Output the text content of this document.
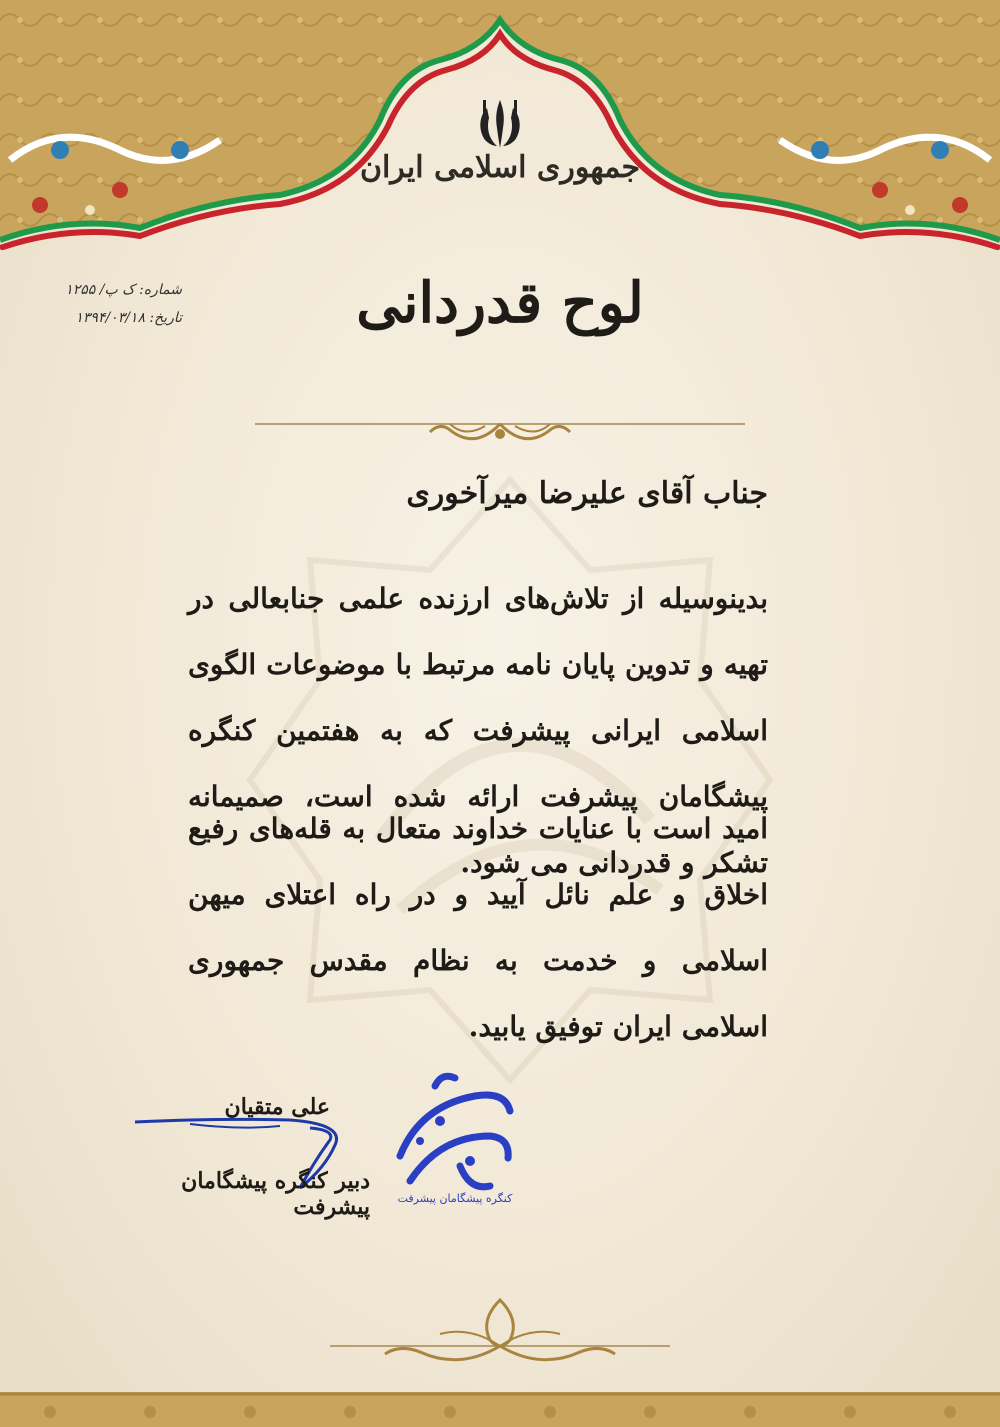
جمهوری اسلامی ایران
شماره: ک پ/ ۱۲۵۵
تاریخ: ۱۳۹۴/۰۳/۱۸	لوح قدردانی
جناب آقای علیرضا میرآخوری
بدینوسیله از تلاش‌های ارزنده علمی جنابعالی در تهیه و تدوین پایان نامه مرتبط با موضوعات الگوی اسلامی ایرانی پیشرفت که به هفتمین کنگره پیشگامان پیشرفت ارائه شده است، صمیمانه تشکر و قدردانی می شود.
امید است با عنایات خداوند متعال به قله‌های رفیع اخلاق و علم نائل آیید و در راه اعتلای میهن اسلامی و خدمت به نظام مقدس جمهوری اسلامی ایران توفیق یابید.
علی متقیان
دبیر کنگره پیشگامان پیشرفت	کنگره پیشگامان پیشرفت
